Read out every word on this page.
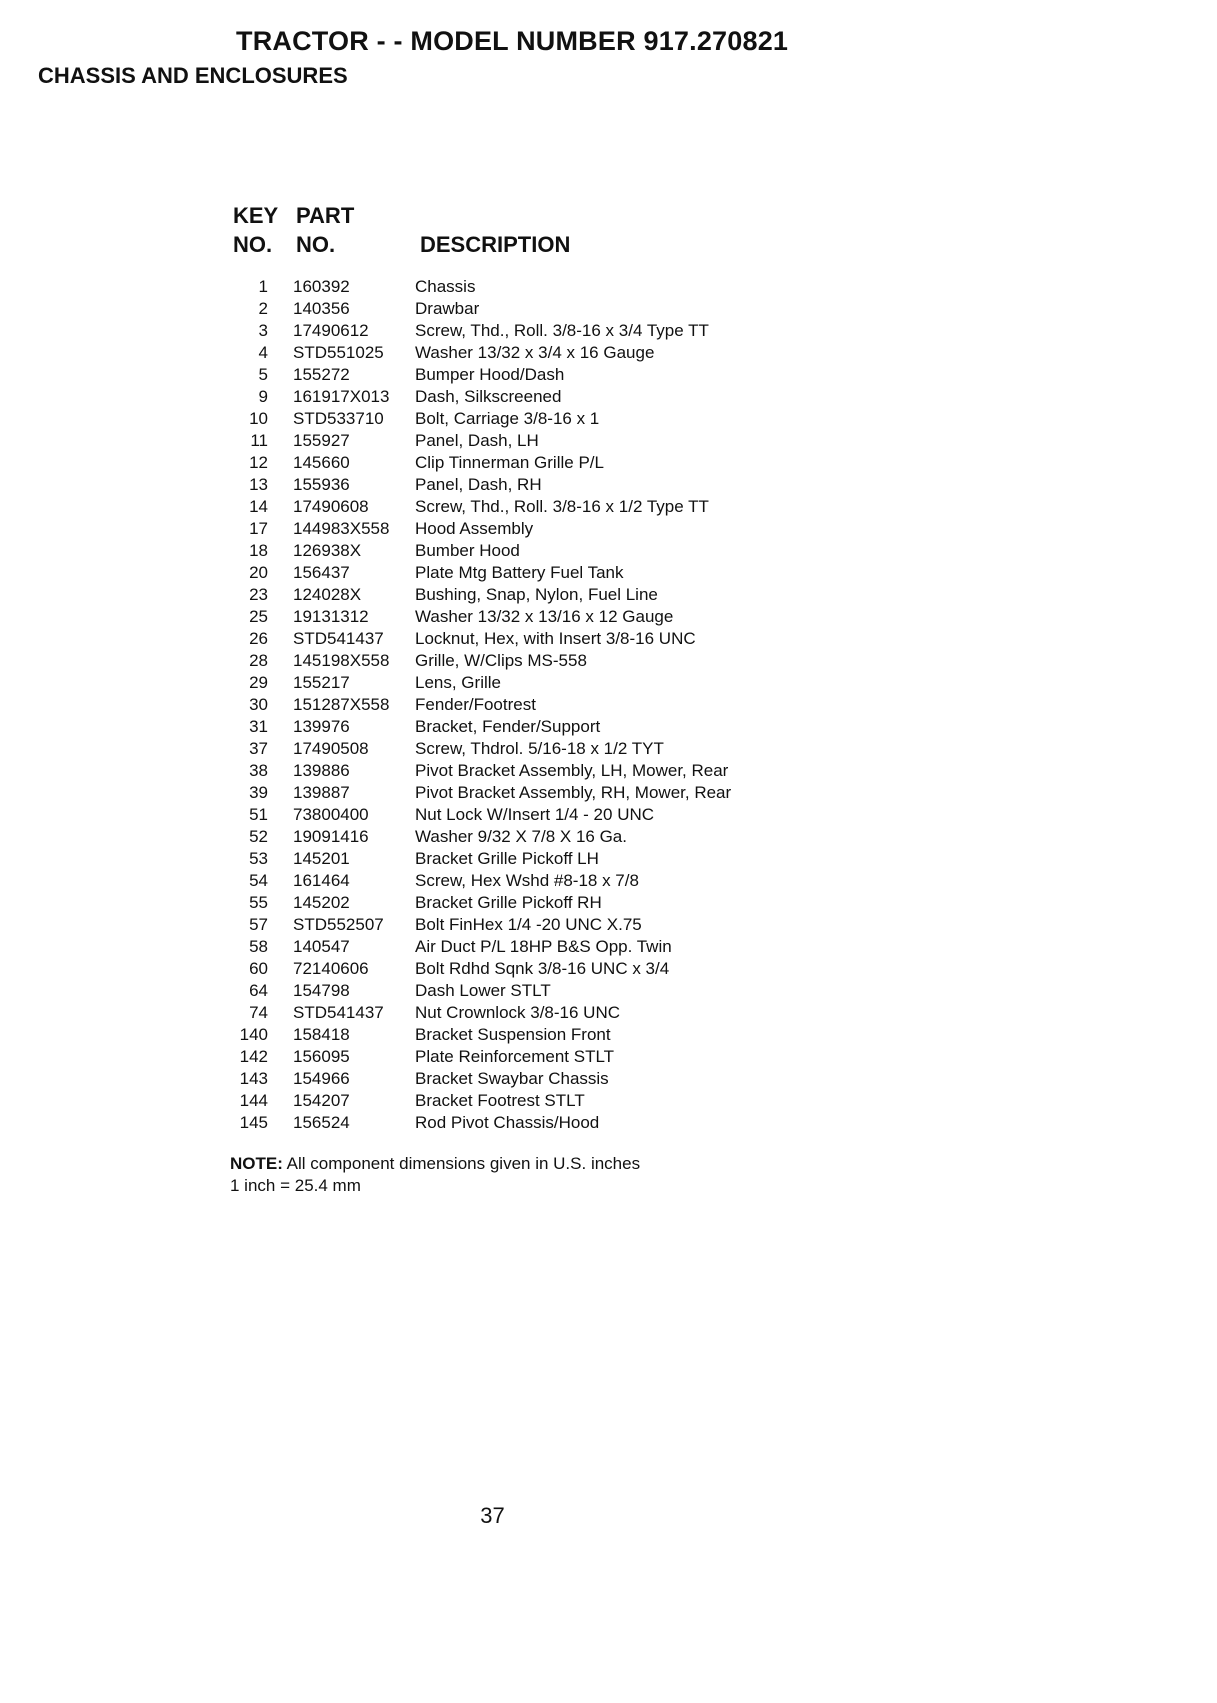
TRACTOR - - MODEL NUMBER 917.270821
CHASSIS AND ENCLOSURES
KEY
NO.
PART
NO.	DESCRIPTION
1 160392	Chassis
2 140356	Drawbar
3 17490612	Screw, Thd., Roll. 3/8-16 x 3/4 Type TT
4 STD551025 Washer 13/32 x 3/4 x 16 Gauge
5 155272	Bumper Hood/Dash
9 161917X013 Dash, Silkscreened
10 STD533710 Bolt, Carriage 3/8-16 x 1
11 155927	Panel, Dash, LH
12 145660	Clip Tinnerman Grille P/L
13 155936	Panel, Dash, RH
14 17490608	Screw, Thd., Roll. 3/8-16 x 1/2 Type TT
17 144983X558 Hood Assembly
18 126938X	Bumber Hood
20 156437	Plate Mtg Battery Fuel Tank
23 124028X	Bushing, Snap, Nylon, Fuel Line
25 19131312	Washer 13/32 x 13/16 x 12 Gauge
26 STD541437 Locknut, Hex, with Insert 3/8-16 UNC
28 145198X558 Grille, W/Clips MS-558
29 155217	Lens, Grille
30 151287X558 Fender/Footrest
31 139976	Bracket, Fender/Support
37 17490508	Screw, Thdrol. 5/16-18 x 1/2 TYT
38 139886	Pivot Bracket Assembly, LH, Mower, Rear
39 139887	Pivot Bracket Assembly, RH, Mower, Rear
51 73800400	Nut Lock W/Insert 1/4 - 20 UNC
52 19091416	Washer 9/32 X 7/8 X 16 Ga.
53 145201	Bracket Grille Pickoff LH
54 161464	Screw, Hex Wshd #8-18 x 7/8
55 145202	Bracket Grille Pickoff RH
57 STD552507 Bolt FinHex 1/4 -20 UNC X.75
58 140547	Air Duct P/L 18HP B&S Opp. Twin
60 72140606	Bolt Rdhd Sqnk 3/8-16 UNC x 3/4
64 154798	Dash Lower STLT
74 STD541437 Nut Crownlock 3/8-16 UNC
140 158418	Bracket Suspension Front
142 156095	Plate Reinforcement STLT
143 154966	Bracket Swaybar Chassis
144 154207	Bracket Footrest STLT
145 156524	Rod Pivot Chassis/Hood
NOTE: All component dimensions given in U.S. inches
1 inch = 25.4 mm
37
